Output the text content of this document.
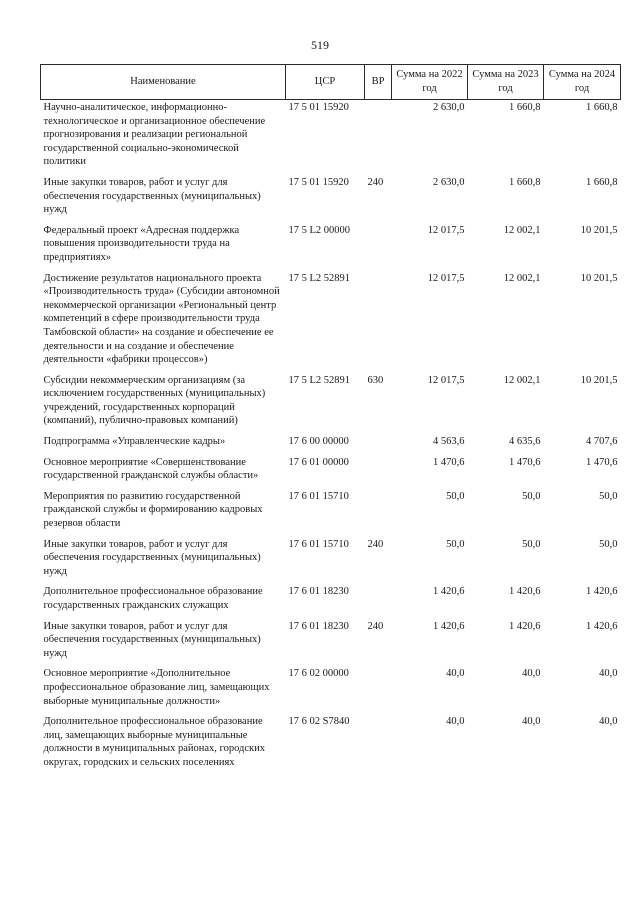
519
Наименование	ЦСР	ВР	Сумма на 2022 год	Сумма на 2023 год	Сумма на 2024 год
Научно-аналитическое, информационно-технологическое и организационное обеспечение прогнозирования и реализации региональной государственной социально-экономической политики	17 5 01 15920		2 630,0	1 660,8	1 660,8
Иные закупки товаров, работ и услуг для обеспечения государственных (муниципальных) нужд	17 5 01 15920	240	2 630,0	1 660,8	1 660,8
Федеральный проект «Адресная поддержка повышения производительности труда на предприятиях»	17 5 L2 00000		12 017,5	12 002,1	10 201,5
Достижение результатов национального проекта «Производительность труда» (Субсидии автономной некоммерческой организации «Региональный центр компетенций в сфере производительности труда Тамбовской области» на создание и обеспечение ее деятельности и на создание и обеспечение деятельности «фабрики процессов»)	17 5 L2 52891		12 017,5	12 002,1	10 201,5
Субсидии некоммерческим организациям (за исключением государственных (муниципальных) учреждений, государственных корпораций (компаний), публично-правовых компаний)	17 5 L2 52891	630	12 017,5	12 002,1	10 201,5
Подпрограмма «Управленческие кадры»	17 6 00 00000		4 563,6	4 635,6	4 707,6
Основное мероприятие «Совершенствование государственной гражданской службы области»	17 6 01 00000		1 470,6	1 470,6	1 470,6
Мероприятия по развитию государственной гражданской службы и формированию кадровых резервов области	17 6 01 15710		50,0	50,0	50,0
Иные закупки товаров, работ и услуг для обеспечения государственных (муниципальных) нужд	17 6 01 15710	240	50,0	50,0	50,0
Дополнительное профессиональное образование государственных гражданских служащих	17 6 01 18230		1 420,6	1 420,6	1 420,6
Иные закупки товаров, работ и услуг для обеспечения государственных (муниципальных) нужд	17 6 01 18230	240	1 420,6	1 420,6	1 420,6
Основное мероприятие «Дополнительное профессиональное образование лиц, замещающих выборные муниципальные должности»	17 6 02 00000		40,0	40,0	40,0
Дополнительное профессиональное образование лиц, замещающих выборные муниципальные должности в муниципальных районах, городских округах, городских и сельских поселениях	17 6 02 S7840		40,0	40,0	40,0
